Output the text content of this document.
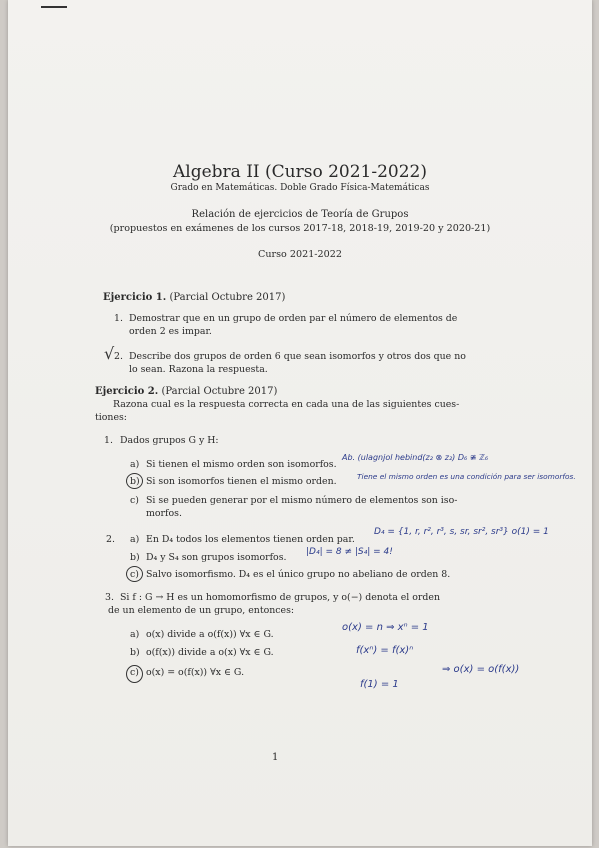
Algebra II (Curso 2021-2022)
Grado en Matemáticas. Doble Grado Física-Matemáticas
Relación de ejercicios de Teoría de Grupos
(propuestos en exámenes de los cursos 2017-18, 2018-19, 2019-20 y 2020-21)
Curso 2021-2022
Ejercicio 1. (Parcial Octubre 2017)
1. Demostrar que en un grupo de orden par el número de elementos de
orden 2 es impar.
√ 2. Describe dos grupos de orden 6 que sean isomorfos y otros dos que no
lo sean. Razona la respuesta.
Ejercicio 2. (Parcial Octubre 2017)
Razona cual es la respuesta correcta en cada una de las siguientes cues-
tiones:
1. Dados grupos G y H:
a) Si tienen el mismo orden son isomorfos.
Ab. (ulagnjol hebind(z₂ ⊗ z₂) D₆ ≇ ℤ₆
b) Si son isomorfos tienen el mismo orden.	Tiene el mismo orden es una condición para ser isomorfos.
c) Si se pueden generar por el mismo número de elementos son iso-
morfos.
2. a) En D₄ todos los elementos tienen orden par.
D₄ = {1, r, r², r³, s, sr, sr², sr³} o(1) = 1
b) D₄ y S₄ son grupos isomorfos. |D₄| = 8 ≠ |S₄| = 4!
c) Salvo isomorfismo. D₄ es el único grupo no abeliano de orden 8.
3. Si f : G → H es un homomorfismo de grupos, y o(−) denota el orden
de un elemento de un grupo, entonces:
a) o(x) divide a o(f(x)) ∀x ∈ G.
o(x) = n ⇒ xⁿ = 1
b) o(f(x)) divide a o(x) ∀x ∈ G.	f(xⁿ) = f(x)ⁿ
c) o(x) = o(f(x)) ∀x ∈ G.	⇒ o(x) = o(f(x))
f(1) = 1
1
